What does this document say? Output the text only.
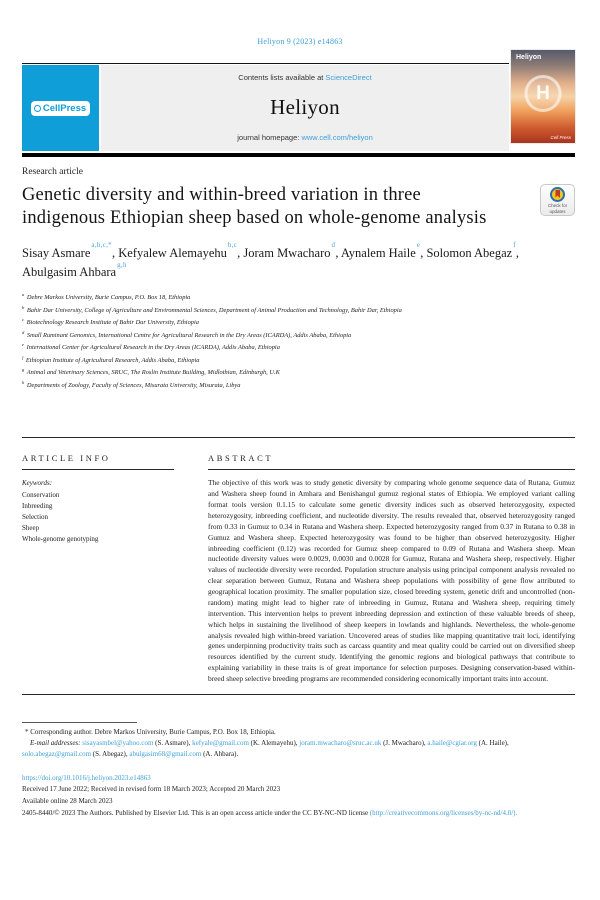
Heliyon 9 (2023) e14863
CellPress
Contents lists available at ScienceDirect
Heliyon
journal homepage: www.cell.com/heliyon
Heliyon
H
Cell Press
Research article
Genetic diversity and within-breed variation in three indigenous Ethiopian sheep based on whole-genome analysis
Check for updates
Sisay Asmare$^{a,b,c,*}$ , Kefyalew Alemayehu$^{b,c}$ , Joram Mwacharo$^d$ , Aynalem Haile$^e$ , Solomon Abegaz$^f$ , Abulgasim Ahbara$^{g,h}$
$^a$ Debre Markos University, Burie Campus, P.O. Box 18, Ethiopia
$^b$ Bahir Dar University, College of Agriculture and Environmental Sciences, Department of Animal Production and Technology, Bahir Dar, Ethiopia
$^c$ Biotechnology Research Institute of Bahir Dar University, Ethiopia
$^d$ Small Ruminant Genomics, International Centre for Agricultural Research in the Dry Areas (ICARDA), Addis Ababa, Ethiopia
$^e$ International Center for Agricultural Research in the Dry Areas (ICARDA), Addis Ababa, Ethiopia
$^f$ Ethiopian Institute of Agricultural Research, Addis Ababa, Ethiopia
$^g$ Animal and Veterinary Sciences, SRUC, The Roslin Institute Building, Midlothian, Edinburgh, U.K
$^h$ Departments of Zoology, Faculty of Sciences, Misurata University, Misurata, Libya
ARTICLE INFO
Keywords:
Conservation
Inbreeding
Selection
Sheep
Whole-genome genotyping
ABSTRACT

The objective of this work was to study genetic diversity by comparing whole genome sequence data of Rutana, Gumuz and Washera sheep found in Amhara and Benishangul gumuz regional states of Ethiopia. We employed variant calling format tools version 0.1.15 to calculate some genetic diversity indices such as observed heterozygosity, expected heterozygosity, inbreeding coefficient, and nucleotide diversity. The results revealed that, observed heterozygosity ranged from 0.33 in Gumuz to 0.34 in Rutana and Washera sheep. Expected heterozygosity ranged from 0.37 in Rutana to 0.38 in Gumuz and Washera sheep. Expected heterozygosity was found to be higher than observed heterozygosity. Higher inbreeding coefficient (0.12) was recorded for Gumuz sheep compared to 0.09 of Rutana and Washera sheep. Mean nucleotide diversity values were 0.0029, 0.0030 and 0.0028 for Gumuz, Rutana and Washera sheep, respectively. Higher values of nucleotide diversity were recorded. Population structure analysis using principal component analysis revealed no clear separation between Gumuz, Rutana and Washera sheep populations with possibility of gene flow attributed to geographical location proximity. The smaller population size, closed breeding system, genetic drift and uncontrolled (non-random) mating might lead to higher rate of inbreeding in Gumuz, Rutana and Washera sheep, requiring timely intervention. This intervention helps to prevent inbreeding depression and extinction of these valuable breeds of sheep, which helps in sustaining the livelihood of sheep keepers in lowlands and highlands. Nevertheless, the whole-genome analysis revealed high within-breed variation. Uncovered areas of studies like mapping quantitative trait loci, identifying genes underpinning productivity traits such as carcass quantity and meat quality could be carried out on diversified sheep resources identified by the current study. Identifying the genomic regions and biological pathways that contribute to explaining variability in these traits is of great importance for selection purposes. Designing conservation-based within-breed sheep selective breeding programs are recommended considering economically important traits into account.

* Corresponding author. Debre Markos University, Burie Campus, P.O. Box 18, Ethiopia.

E-mail addresses: sisayasmbel@yahoo.com (S. Asmare), kefyale@gmail.com (K. Alemayehu), joram.mwacharo@sruc.ac.uk (J. Mwacharo), a.haile@cgiar.org (A. Haile), solo.abegaz@gmail.com (S. Abegaz), abulgasim68@gmail.com (A. Ahbara).

https://doi.org/10.1016/j.heliyon.2023.e14863

Received 17 June 2022; Received in revised form 18 March 2023; Accepted 20 March 2023

Available online 28 March 2023

2405-8440/© 2023 The Authors. Published by Elsevier Ltd. This is an open access article under the CC BY-NC-ND license (http://creativecommons.org/licenses/by-nc-nd/4.0/).
